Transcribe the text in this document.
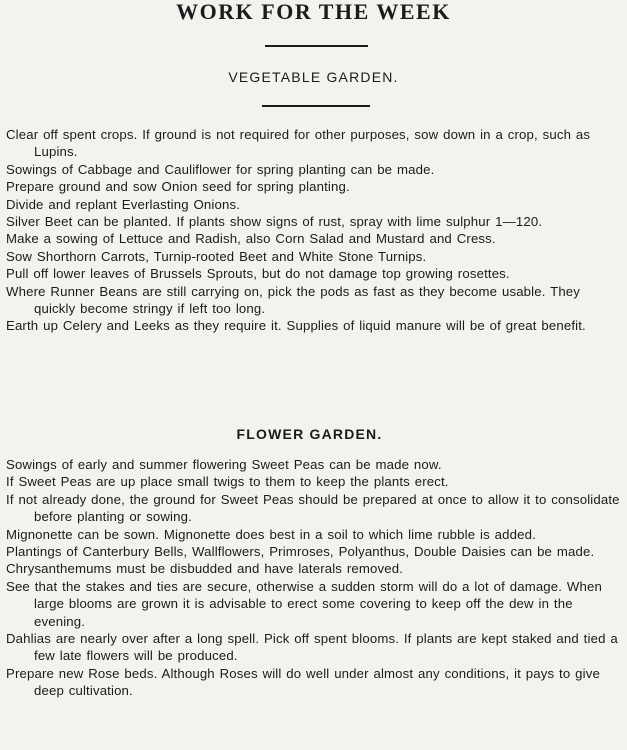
WORK FOR THE WEEK
VEGETABLE GARDEN.
Clear off spent crops. If ground is not required for other purposes, sow down in a crop, such as Lupins.
Sowings of Cabbage and Cauliflower for spring planting can be made.
Prepare ground and sow Onion seed for spring planting.
Divide and replant Everlasting Onions.
Silver Beet can be planted. If plants show signs of rust, spray with lime sulphur 1—120.
Make a sowing of Lettuce and Radish, also Corn Salad and Mustard and Cress.
Sow Shorthorn Carrots, Turnip-rooted Beet and White Stone Turnips.
Pull off lower leaves of Brussels Sprouts, but do not damage top growing rosettes.
Where Runner Beans are still carrying on, pick the pods as fast as they become usable. They quickly become stringy if left too long.
Earth up Celery and Leeks as they require it. Supplies of liquid manure will be of great benefit.
FLOWER GARDEN.
Sowings of early and summer flowering Sweet Peas can be made now.
If Sweet Peas are up place small twigs to them to keep the plants erect.
If not already done, the ground for Sweet Peas should be prepared at once to allow it to consolidate before planting or sowing.
Mignonette can be sown. Mignonette does best in a soil to which lime rubble is added.
Plantings of Canterbury Bells, Wallflowers, Primroses, Polyanthus, Double Daisies can be made.
Chrysanthemums must be disbudded and have laterals removed.
See that the stakes and ties are secure, otherwise a sudden storm will do a lot of damage. When large blooms are grown it is advisable to erect some covering to keep off the dew in the evening.
Dahlias are nearly over after a long spell. Pick off spent blooms. If plants are kept staked and tied a few late flowers will be produced.
Prepare new Rose beds. Although Roses will do well under almost any conditions, it pays to give deep cultivation.
